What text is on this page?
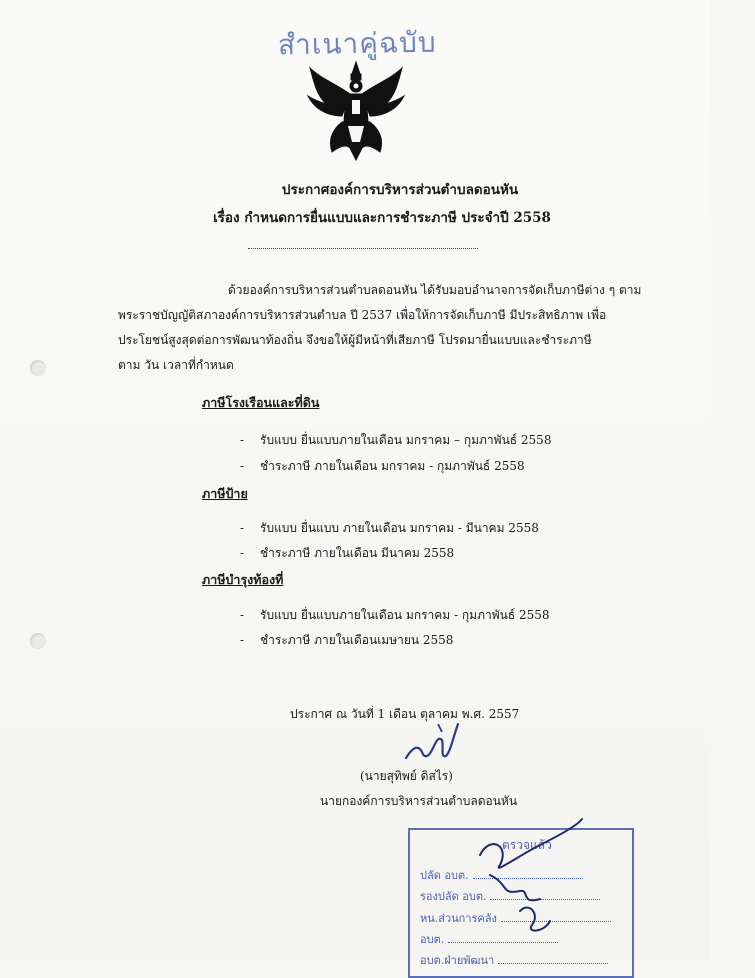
สำเนาคู่ฉบับ
ประกาศองค์การบริหารส่วนตำบลดอนหัน
เรื่อง กำหนดการยื่นแบบและการชำระภาษี ประจำปี 2558
ด้วยองค์การบริหารส่วนตำบลดอนหัน ได้รับมอบอำนาจการจัดเก็บภาษีต่าง ๆ ตาม
พระราชบัญญัติสภาองค์การบริหารส่วนตำบล ปี 2537 เพื่อให้การจัดเก็บภาษี มีประสิทธิภาพ เพื่อ
ประโยชน์สูงสุดต่อการพัฒนาท้องถิ่น จึงขอให้ผู้มีหน้าที่เสียภาษี โปรดมายื่นแบบและชำระภาษี
ตาม วัน เวลาที่กำหนด
ภาษีโรงเรือนและที่ดิน
- รับแบบ ยื่นแบบภายในเดือน มกราคม – กุมภาพันธ์ 2558
- ชำระภาษี ภายในเดือน มกราคม - กุมภาพันธ์ 2558
ภาษีป้าย
- รับแบบ ยื่นแบบ ภายในเดือน มกราคม - มีนาคม 2558
- ชำระภาษี ภายในเดือน มีนาคม 2558
ภาษีบำรุงท้องที่
- รับแบบ ยื่นแบบภายในเดือน มกราคม - กุมภาพันธ์ 2558
- ชำระภาษี ภายในเดือนเมษายน 2558
ประกาศ ณ วันที่ 1 เดือน ตุลาคม พ.ศ. 2557
(นายสุทิพย์ ดิสไร)
นายกองค์การบริหารส่วนตำบลดอนหัน
ตรวจแล้ว
ปลัด อบต.
รองปลัด อบต.
หน.ส่วนการคลัง
อบต.
อบต.ฝ่ายพัฒนา
